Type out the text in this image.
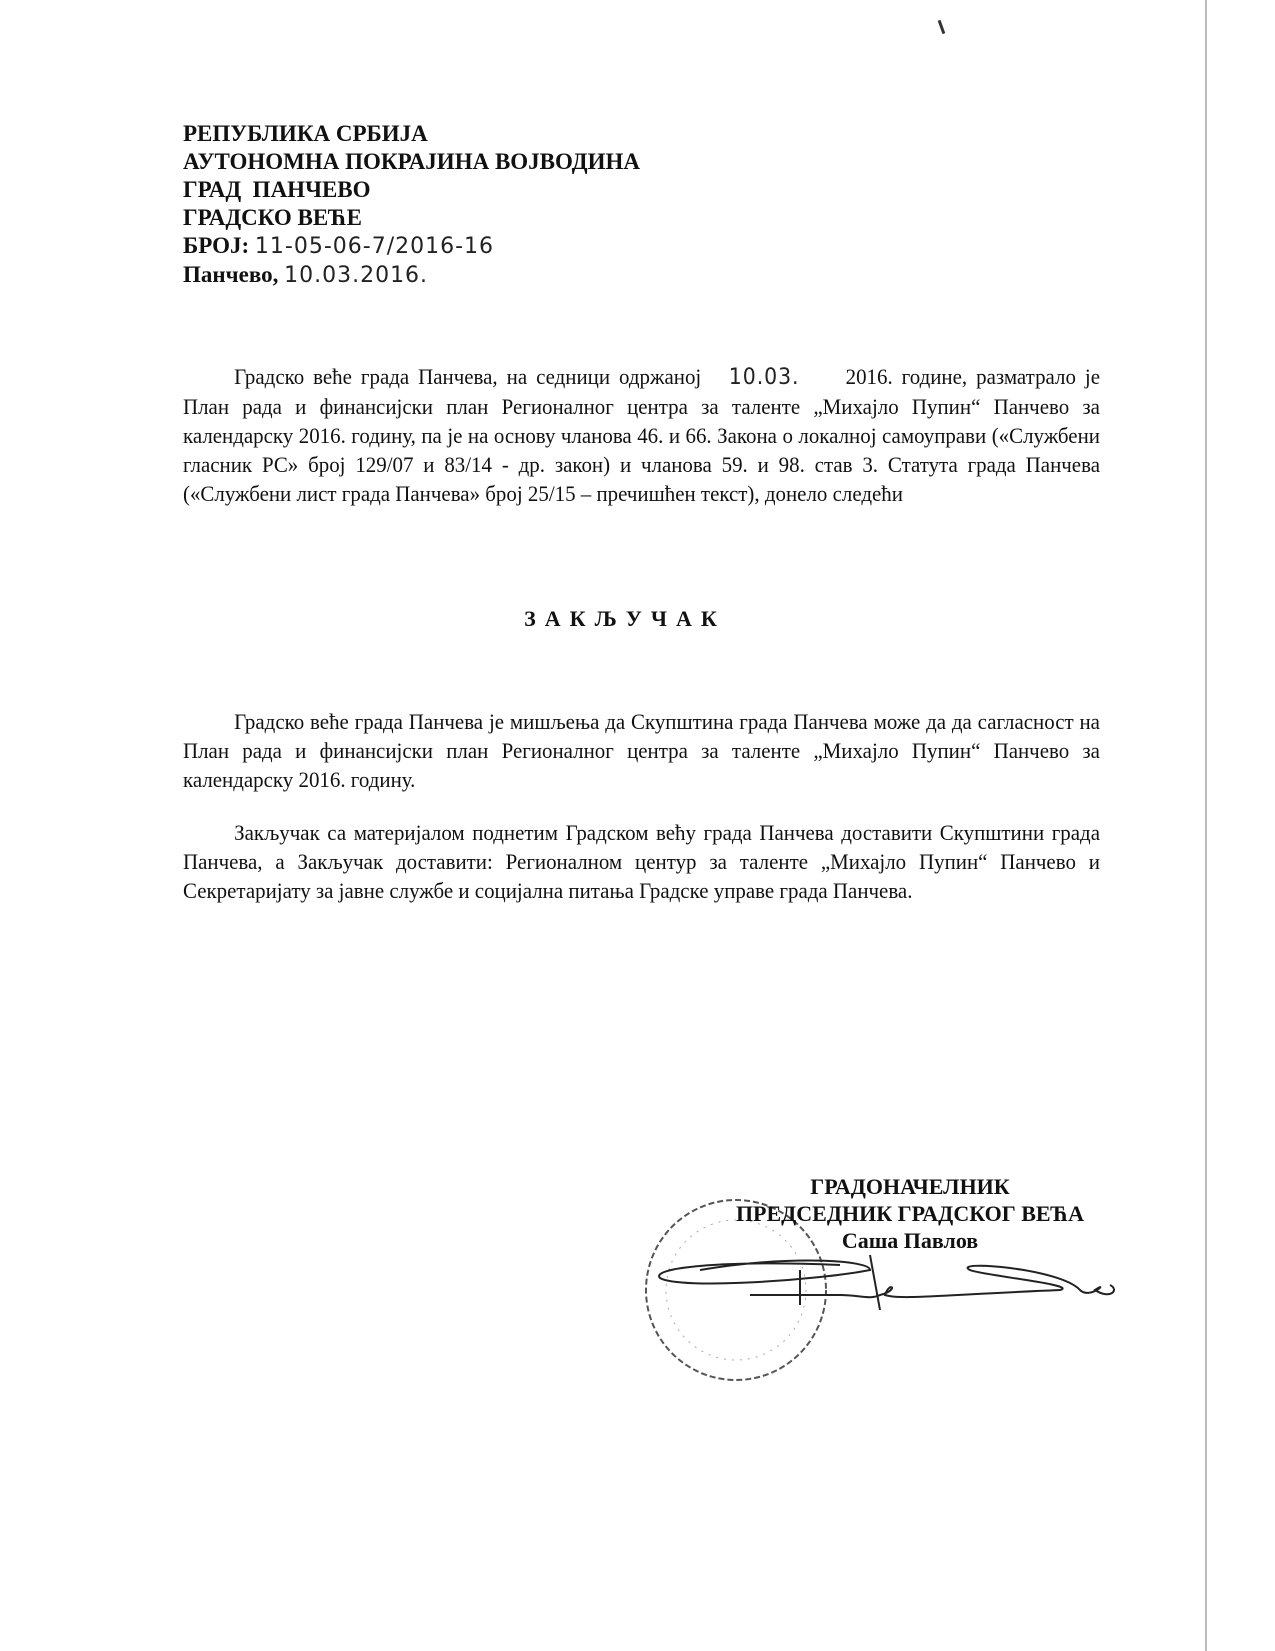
РЕПУБЛИКА СРБИЈА
АУТОНОМНА ПОКРАЈИНА ВОЈВОДИНА
ГРАД  ПАНЧЕВО
ГРАДСКО ВЕЋЕ
БРОЈ: 11-05-06-7/2016-16
Панчево, 10.03.2016.

Градско веће града Панчева, на седници одржаној 10.03. 2016. године, разматрало је План рада и финансијски план Регионалног центра за таленте „Михајло Пупин“ Панчево за календарску 2016. годину, па је на основу чланова 46. и 66. Закона о локалној самоуправи («Службени гласник РС» број 129/07 и 83/14 - др. закон) и чланова 59. и 98. став 3. Статута града Панчева («Службени лист града Панчева» број 25/15 – пречишћен текст), донело следећи

ЗАКЉУЧАК

Градско веће града Панчева је мишљења да Скупштина града Панчева може да да сагласност на План рада и финансијски план Регионалног центра за таленте „Михајло Пупин“ Панчево за календарску 2016. годину.

Закључак са материјалом поднетим Градском већу града Панчева доставити Скупштини града Панчева, а Закључак доставити: Регионалном центур за таленте „Михајло Пупин“ Панчево и Секретаријату за јавне службе и социјална питања Градске управе града Панчева.

ГРАДОНАЧЕЛНИК
ПРЕДСЕДНИК ГРАДСКОГ ВЕЋА
Саша Павлов
